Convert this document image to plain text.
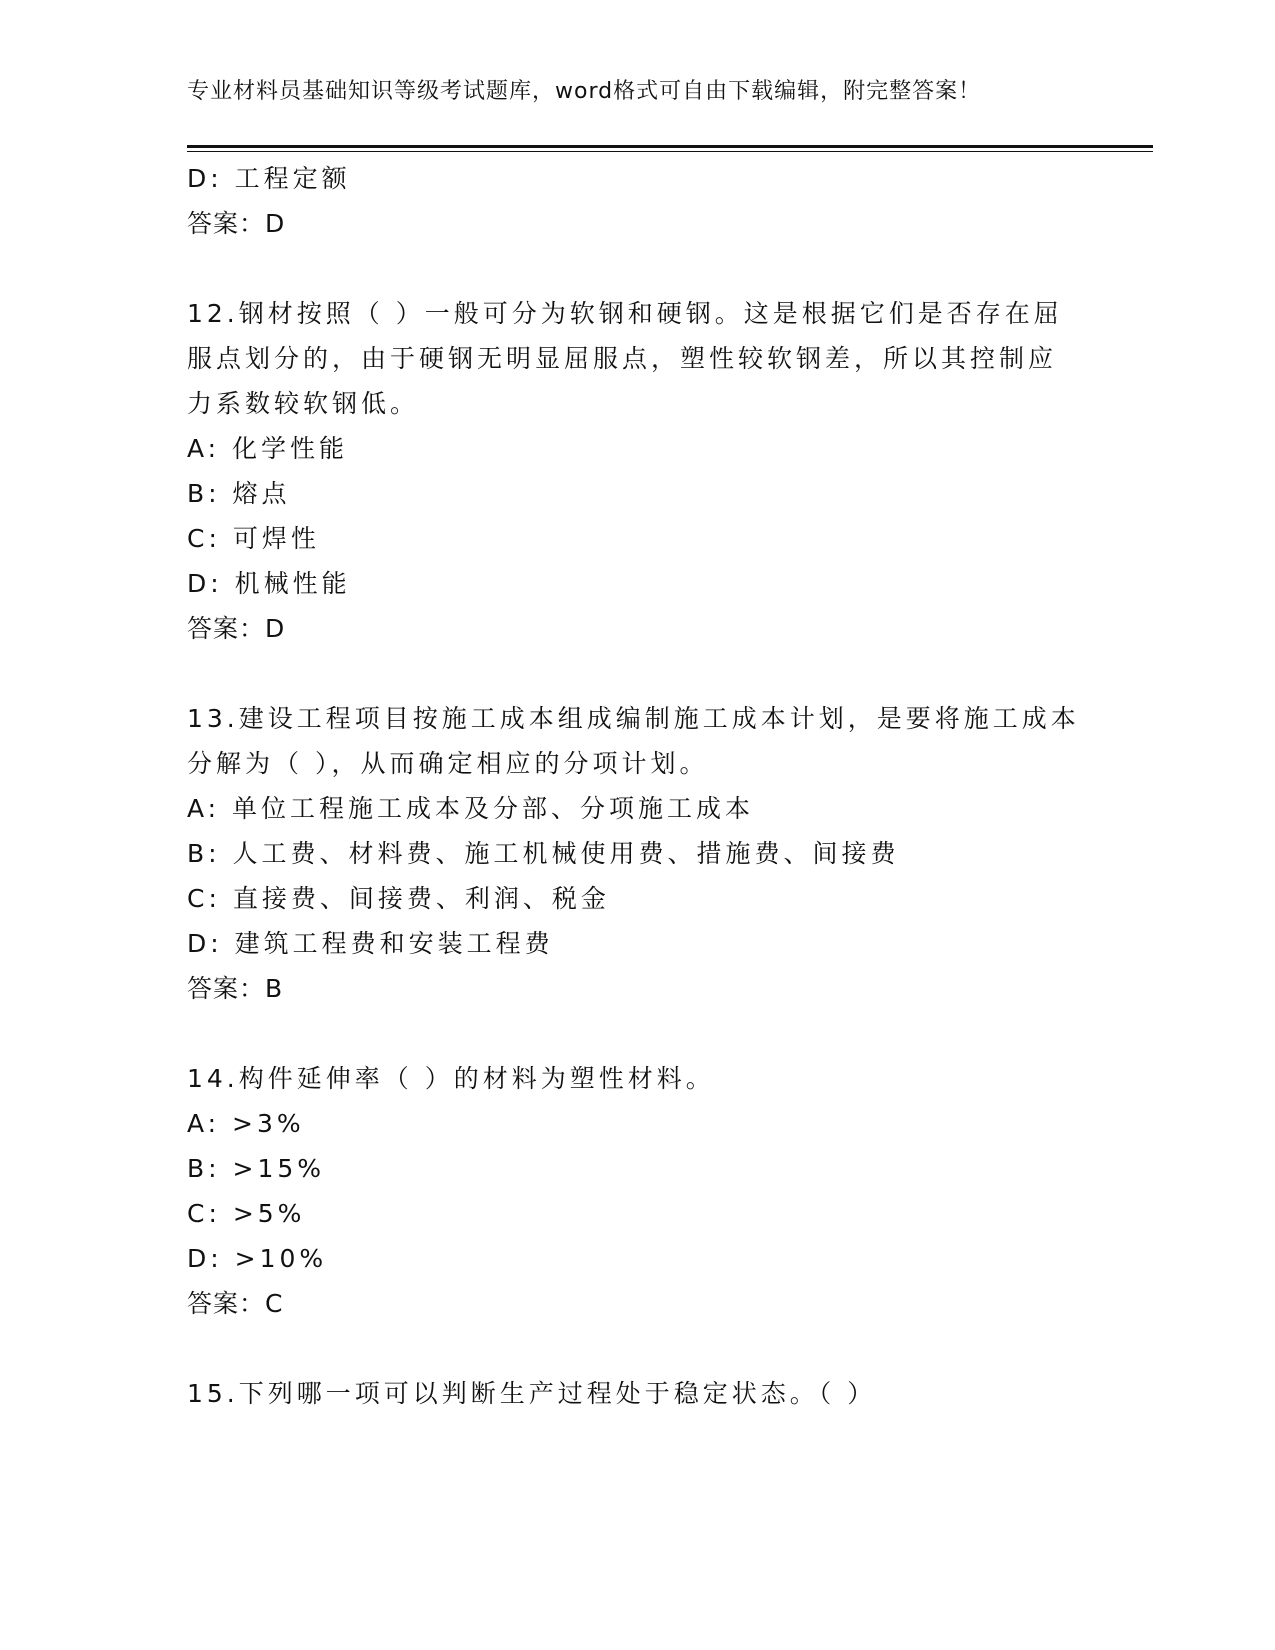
专业材料员基础知识等级考试题库，word格式可自由下载编辑，附完整答案！
D: 工程定额
答案：D
12.钢材按照（ ）一般可分为软钢和硬钢。这是根据它们是否存在屈
服点划分的，由于硬钢无明显屈服点，塑性较软钢差，所以其控制应
力系数较软钢低。
A: 化学性能
B: 熔点
C: 可焊性
D: 机械性能
答案：D
13.建设工程项目按施工成本组成编制施工成本计划，是要将施工成本
分解为（ ），从而确定相应的分项计划。
A: 单位工程施工成本及分部、分项施工成本
B: 人工费、材料费、施工机械使用费、措施费、间接费
C: 直接费、间接费、利润、税金
D: 建筑工程费和安装工程费
答案：B
14.构件延伸率（ ）的材料为塑性材料。
A: >3%
B: >15%
C: >5%
D: >10%
答案：C
15.下列哪一项可以判断生产过程处于稳定状态。（ ）
